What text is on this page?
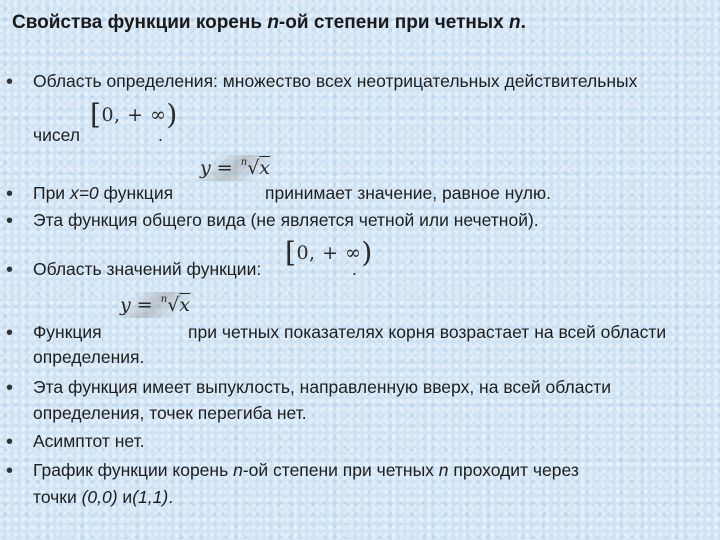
Свойства функции корень n-ой степени при четных n.
• Область определения: множество всех неотрицательных действительных
чисел
[0, + ∞)
.
• При x=0 функция
y = $^n$√x
принимает значение, равное нулю.
• Эта функция общего вида (не является четной или нечетной).
• Область значений функции: [0, + ∞)
.
• Функция
y = $^n$√x
при четных показателях корня возрастает на всей области
определения.
• Эта функция имеет выпуклость, направленную вверх, на всей области
определения, точек перегиба нет.
• Асимптот нет.
• График функции корень n-ой степени при четных n проходит через
точки (0,0) и(1,1).
